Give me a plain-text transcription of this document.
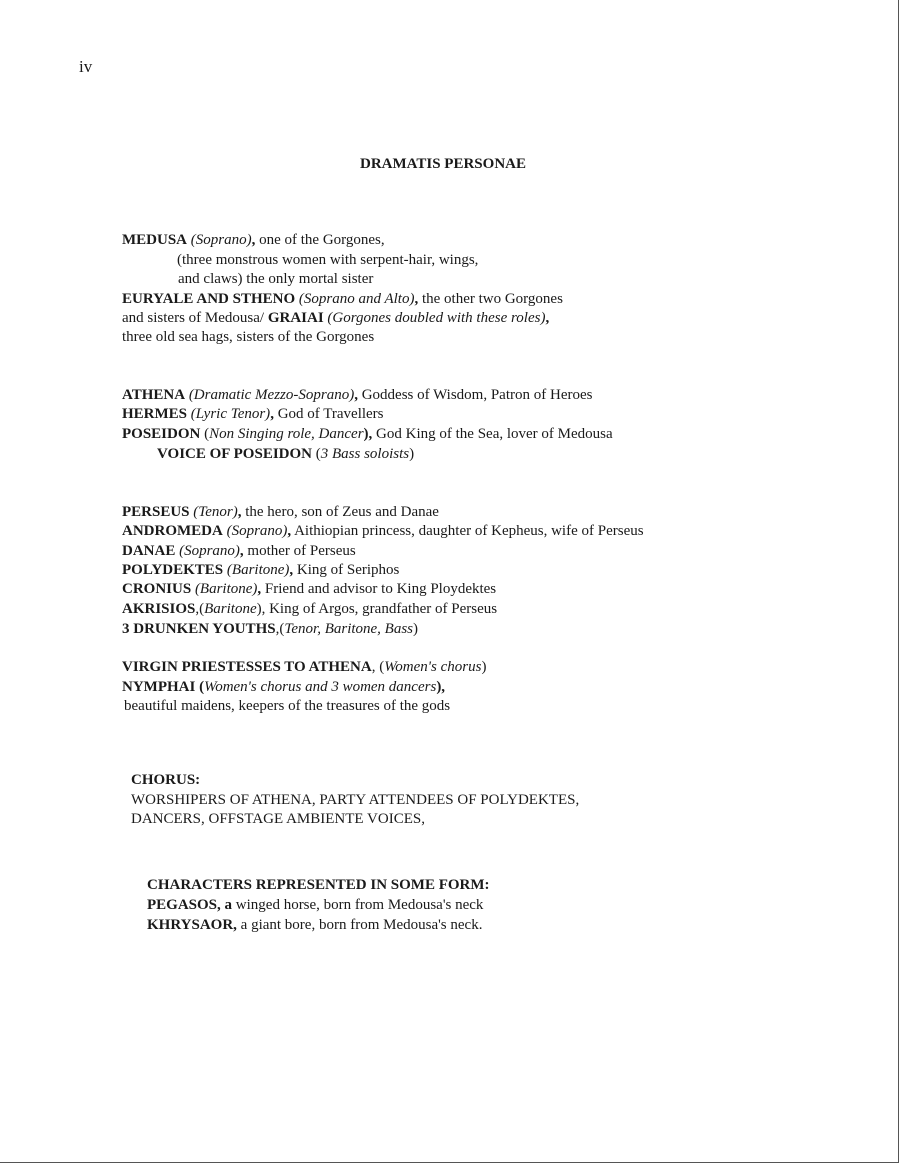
iv
DRAMATIS PERSONAE
MEDUSA (Soprano), one of the Gorgones,
(three monstrous women with serpent-hair, wings,
and claws) the only mortal sister
EURYALE AND STHENO (Soprano and Alto), the other two Gorgones
and sisters of Medousa/ GRAIAI (Gorgones doubled with these roles),
three old sea hags, sisters of the Gorgones
ATHENA (Dramatic Mezzo-Soprano), Goddess of Wisdom, Patron of Heroes
HERMES (Lyric Tenor), God of Travellers
POSEIDON (Non Singing role, Dancer), God King of the Sea, lover of Medousa
VOICE OF POSEIDON (3 Bass soloists)
PERSEUS (Tenor), the hero, son of Zeus and Danae
ANDROMEDA (Soprano), Aithiopian princess, daughter of Kepheus, wife of Perseus
DANAE (Soprano), mother of Perseus
POLYDEKTES (Baritone), King of Seriphos
CRONIUS (Baritone), Friend and advisor to King Ploydektes
AKRISIOS,(Baritone), King of Argos, grandfather of Perseus
3 DRUNKEN YOUTHS,(Tenor, Baritone, Bass)
VIRGIN PRIESTESSES TO ATHENA, (Women's chorus)
NYMPHAI (Women's chorus and 3 women dancers),
beautiful maidens, keepers of the treasures of the gods
CHORUS:
WORSHIPERS OF ATHENA, PARTY ATTENDEES OF POLYDEKTES,
DANCERS, OFFSTAGE AMBIENTE VOICES,
CHARACTERS REPRESENTED IN SOME FORM:
PEGASOS, a winged horse, born from Medousa's neck
KHRYSAOR, a giant bore, born from Medousa's neck.
